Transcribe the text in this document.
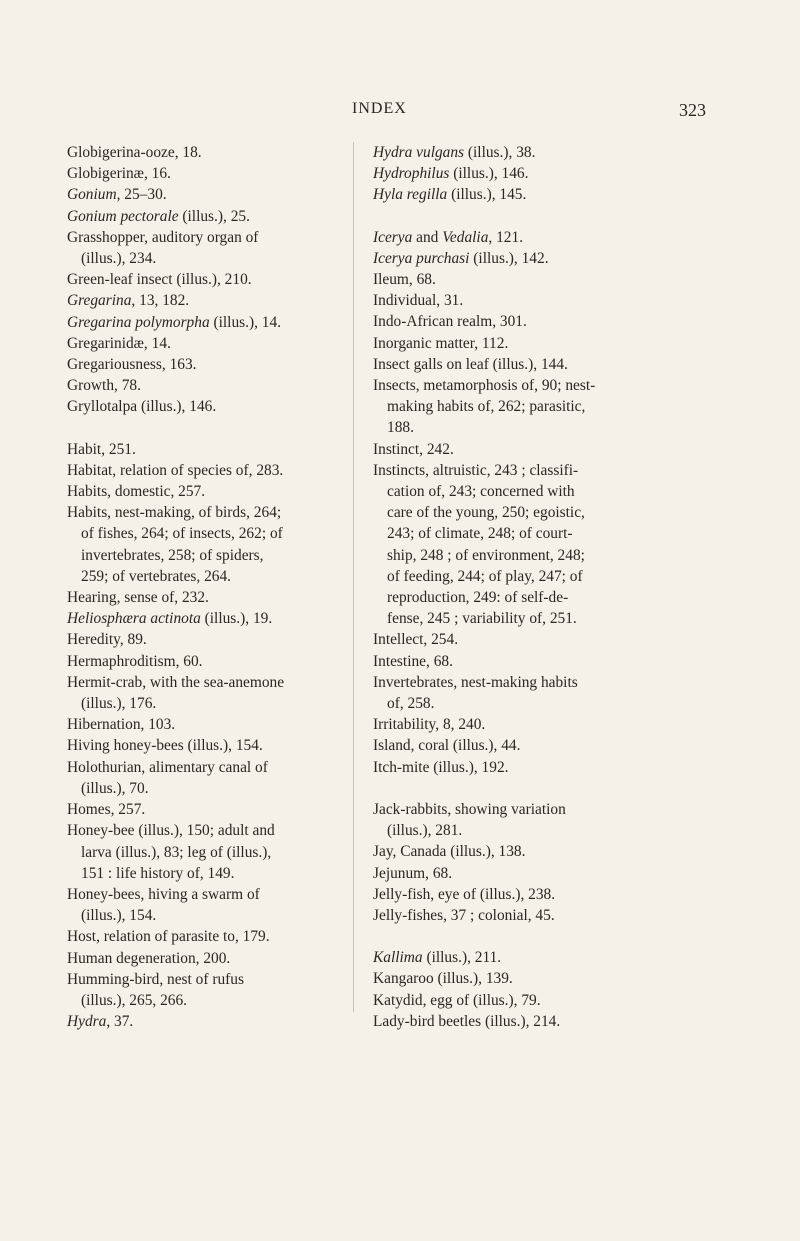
INDEX	323
Globigerina-ooze, 18.
Globigerinæ, 16.
Gonium, 25–30.
Gonium pectorale (illus.), 25.
Grasshopper, auditory organ of
(illus.), 234.
Green-leaf insect (illus.), 210.
Gregarina, 13, 182.
Gregarina polymorpha (illus.), 14.
Gregarinidæ, 14.
Gregariousness, 163.
Growth, 78.
Gryllotalpa (illus.), 146.
Habit, 251.
Habitat, relation of species of, 283.
Habits, domestic, 257.
Habits, nest-making, of birds, 264;
of fishes, 264; of insects, 262; of
invertebrates, 258; of spiders,
259; of vertebrates, 264.
Hearing, sense of, 232.
Heliosphæra actinota (illus.), 19.
Heredity, 89.
Hermaphroditism, 60.
Hermit-crab, with the sea-anemone
(illus.), 176.
Hibernation, 103.
Hiving honey-bees (illus.), 154.
Holothurian, alimentary canal of
(illus.), 70.
Homes, 257.
Honey-bee (illus.), 150; adult and
larva (illus.), 83; leg of (illus.),
151 : life history of, 149.
Honey-bees, hiving a swarm of
(illus.), 154.
Host, relation of parasite to, 179.
Human degeneration, 200.
Humming-bird, nest of rufus
(illus.), 265, 266.
Hydra, 37.
Hydra vulgans (illus.), 38.
Hydrophilus (illus.), 146.
Hyla regilla (illus.), 145.
Icerya and Vedalia, 121.
Icerya purchasi (illus.), 142.
Ileum, 68.
Individual, 31.
Indo-African realm, 301.
Inorganic matter, 112.
Insect galls on leaf (illus.), 144.
Insects, metamorphosis of, 90; nest-
making habits of, 262; parasitic,
188.
Instinct, 242.
Instincts, altruistic, 243 ; classifi-
cation of, 243; concerned with
care of the young, 250; egoistic,
243; of climate, 248; of court-
ship, 248 ; of environment, 248;
of feeding, 244; of play, 247; of
reproduction, 249: of self-de-
fense, 245 ; variability of, 251.
Intellect, 254.
Intestine, 68.
Invertebrates, nest-making habits
of, 258.
Irritability, 8, 240.
Island, coral (illus.), 44.
Itch-mite (illus.), 192.
Jack-rabbits, showing variation
(illus.), 281.
Jay, Canada (illus.), 138.
Jejunum, 68.
Jelly-fish, eye of (illus.), 238.
Jelly-fishes, 37 ; colonial, 45.
Kallima (illus.), 211.
Kangaroo (illus.), 139.
Katydid, egg of (illus.), 79.
Lady-bird beetles (illus.), 214.
